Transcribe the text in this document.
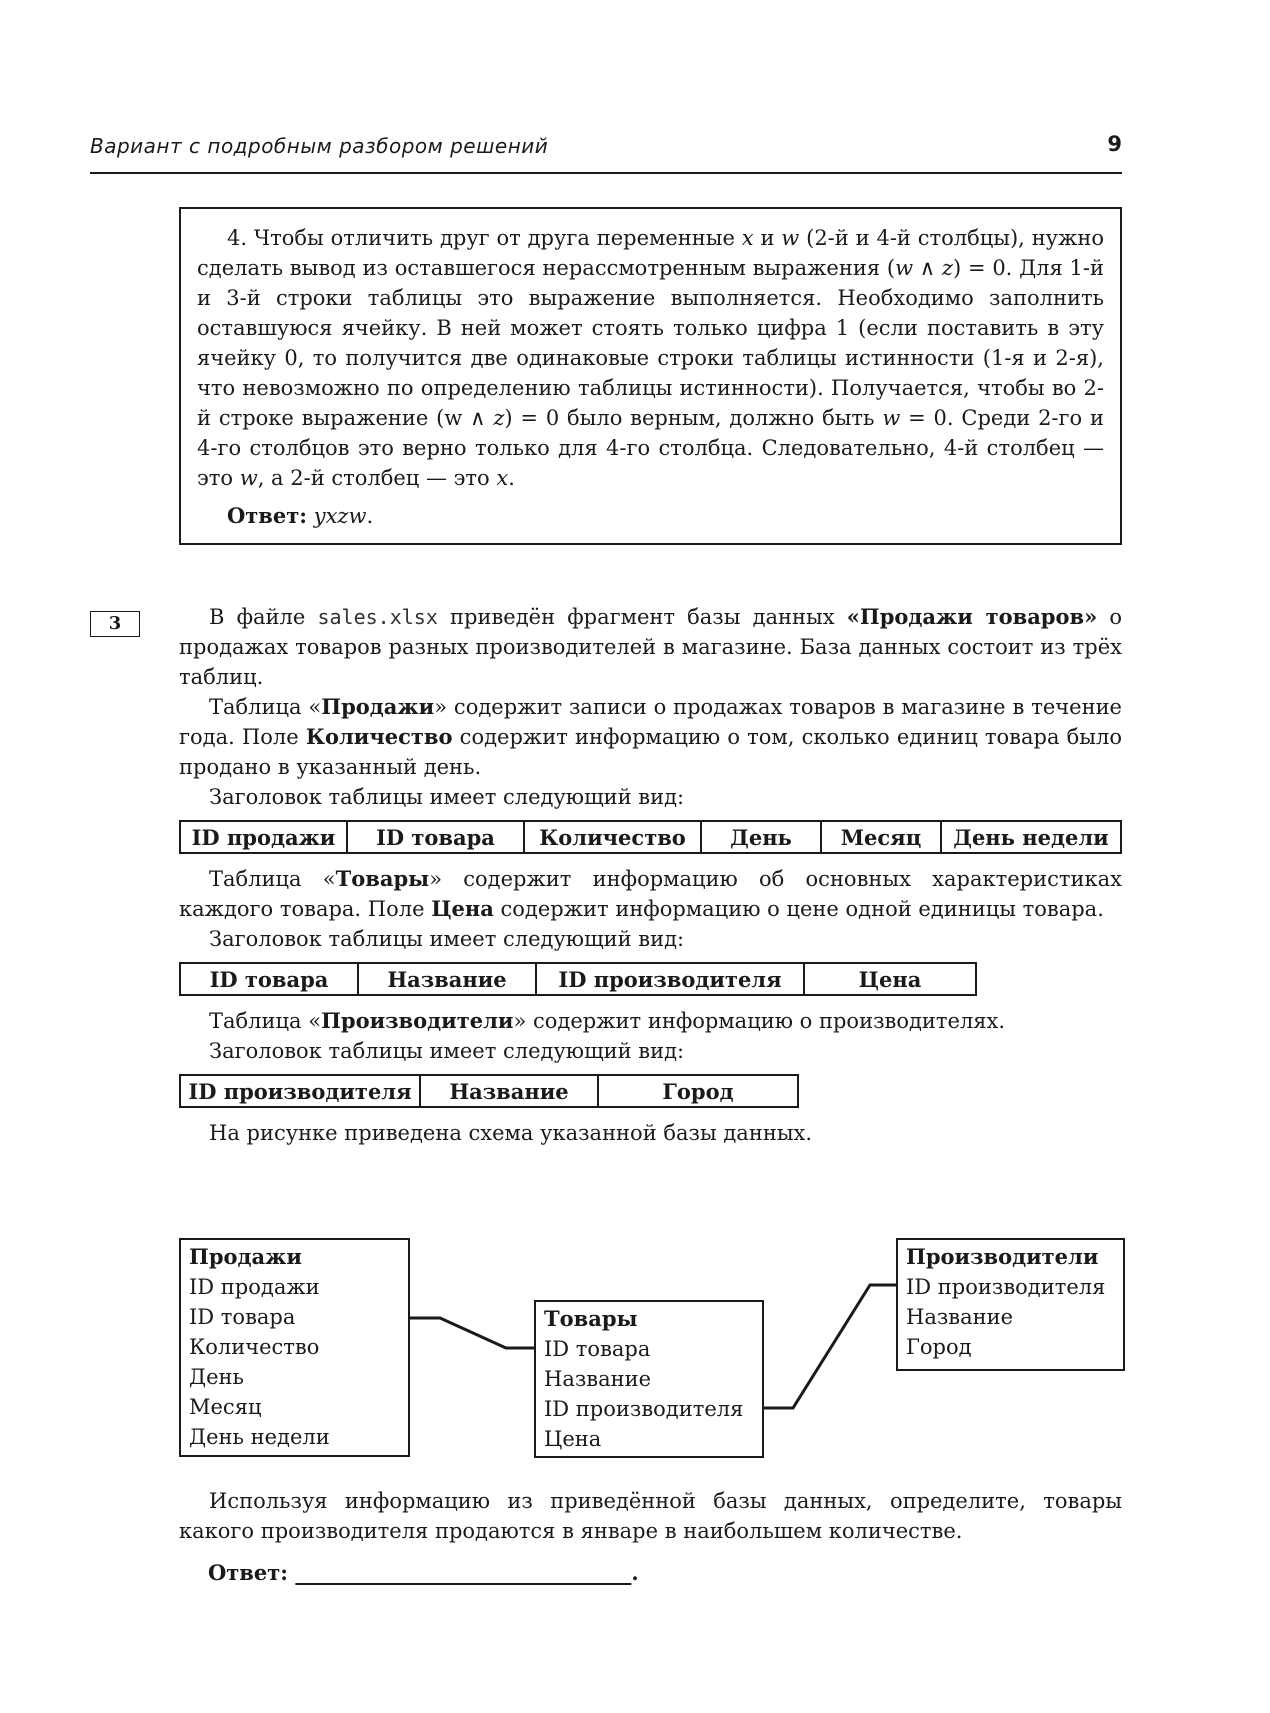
Вариант с подробным разбором решений	9

4. Чтобы отличить друг от друга переменные x и w (2-й и 4-й столбцы), нужно сделать вывод из оставшегося нерассмотренным выражения (w ∧ z) = 0. Для 1-й и 3-й строки таблицы это выражение выполняется. Необходимо заполнить оставшуюся ячейку. В ней может стоять только цифра 1 (если поставить в эту ячейку 0, то получится две одинаковые строки таблицы истинности (1-я и 2-я), что невозможно по определению таблицы истинности). Получается, чтобы во 2-й строке выражение (w ∧ z) = 0 было верным, должно быть w = 0. Среди 2-го и 4-го столбцов это верно только для 4-го столбца. Следовательно, 4-й столбец — это w, а 2-й столбец — это x.

Ответ: yxzw.
3	В файле sales.xlsx приведён фрагмент базы данных «Продажи товаров» о продажах товаров разных производителей в магазине. База данных состоит из трёх таблиц.

Таблица «Продажи» содержит записи о продажах товаров в магазине в течение года. Поле Количество содержит информацию о том, сколько единиц товара было продано в указанный день.

Заголовок таблицы имеет следующий вид:

ID продажи	ID товара	Количество	День	Месяц	День недели

Таблица «Товары» содержит информацию об основных характеристиках каждого товара. Поле Цена содержит информацию о цене одной единицы товара.

Заголовок таблицы имеет следующий вид:

ID товара	Название	ID производителя	Цена

Таблица «Производители» содержит информацию о производителях.

Заголовок таблицы имеет следующий вид:

ID производителя	Название	Город

На рисунке приведена схема указанной базы данных.

Продажи
ID продажи
ID товара
Количество
День
Месяц
День недели
Товары
ID товара
Название
ID производителя
Цена
Производители
ID производителя
Название
Город

Используя информацию из приведённой базы данных, определите, товары какого производителя продаются в январе в наибольшем количестве.

Ответ: ________________________________.
